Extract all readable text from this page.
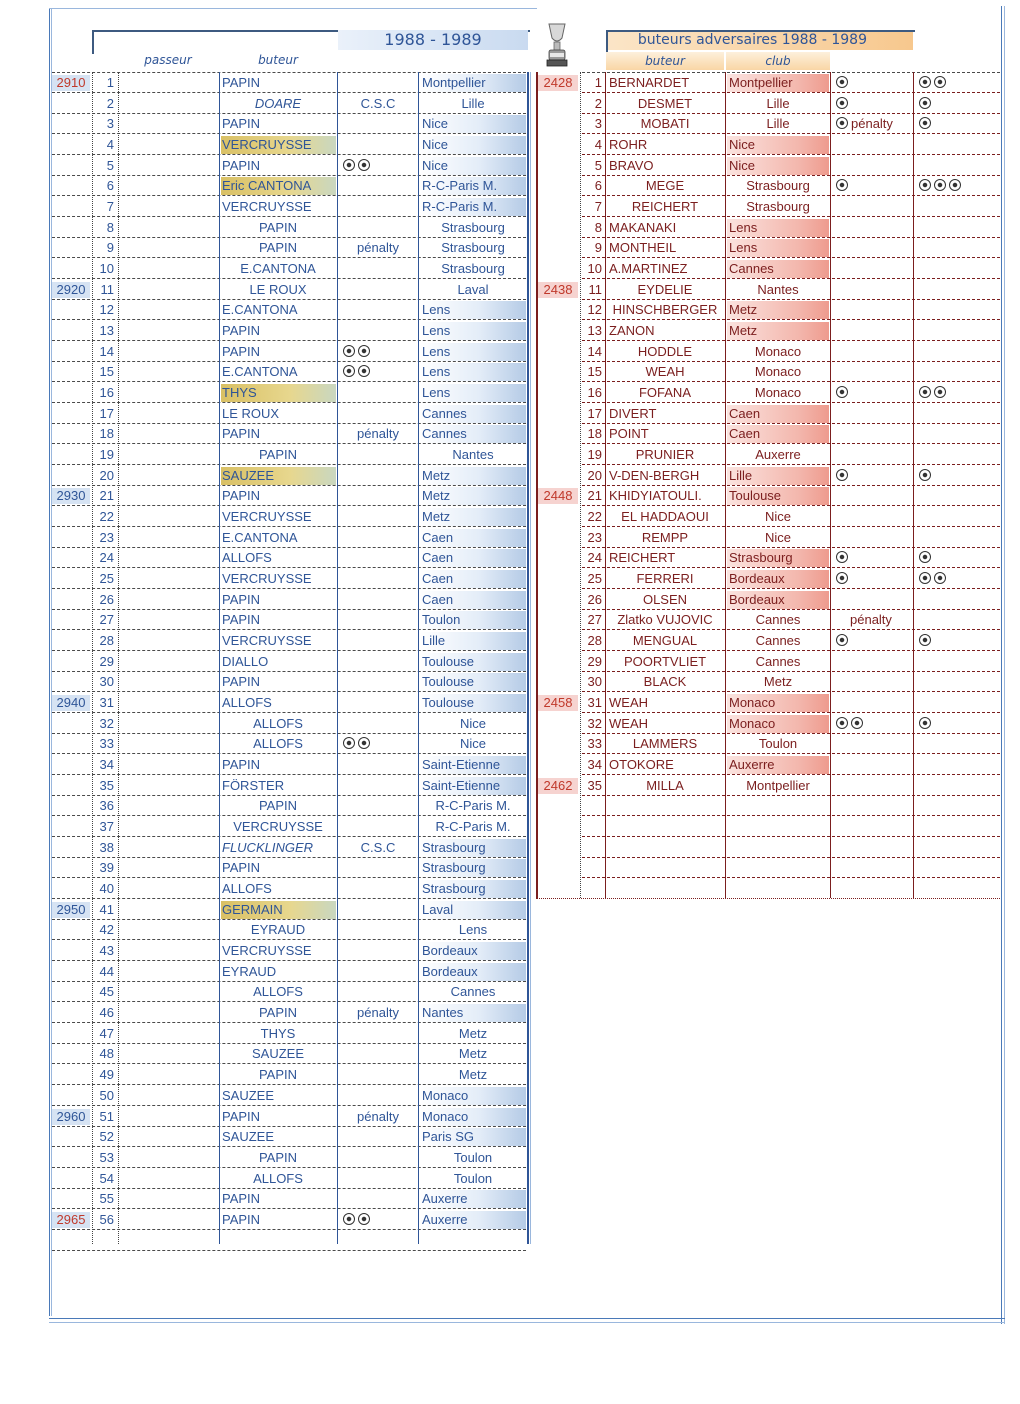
1988 - 1989
passeur	buteur
buteurs adversaires 1988 - 1989
buteur	club
2910	1	PAPIN	Montpellier
2	DOARE	C.S.C	Lille
3	PAPIN	Nice
4	VERCRUYSSE	Nice
5	PAPIN	Nice
6	Eric CANTONA	R-C-Paris M.
7	VERCRUYSSE	R-C-Paris M.
8	PAPIN	Strasbourg
9	PAPIN	pénalty	Strasbourg
10	E.CANTONA	Strasbourg
2920	11	LE ROUX	Laval
12	E.CANTONA	Lens
13	PAPIN	Lens
14	PAPIN	Lens
15	E.CANTONA	Lens
16	THYS	Lens
17	LE ROUX	Cannes
18	PAPIN	pénalty	Cannes
19	PAPIN	Nantes
20	SAUZEE	Metz
2930	21	PAPIN	Metz
22	VERCRUYSSE	Metz
23	E.CANTONA	Caen
24	ALLOFS	Caen
25	VERCRUYSSE	Caen
26	PAPIN	Caen
27	PAPIN	Toulon
28	VERCRUYSSE	Lille
29	DIALLO	Toulouse
30	PAPIN	Toulouse
2940	31	ALLOFS	Toulouse
32	ALLOFS	Nice
33	ALLOFS	Nice
34	PAPIN	Saint-Etienne
35	FÖRSTER	Saint-Etienne
36	PAPIN	R-C-Paris M.
37	VERCRUYSSE	R-C-Paris M.
38	FLUCKLINGER	C.S.C	Strasbourg
39	PAPIN	Strasbourg
40	ALLOFS	Strasbourg
2950	41	GERMAIN	Laval
42	EYRAUD	Lens
43	VERCRUYSSE	Bordeaux
44	EYRAUD	Bordeaux
45	ALLOFS	Cannes
46	PAPIN	pénalty	Nantes
47	THYS	Metz
48	SAUZEE	Metz
49	PAPIN	Metz
50	SAUZEE	Monaco
2960	51	PAPIN	pénalty	Monaco
52	SAUZEE	Paris SG
53	PAPIN	Toulon
54	ALLOFS	Toulon
55	PAPIN	Auxerre
2965	56	PAPIN	Auxerre
2428	1 BERNARDET	Montpellier
2	DESMET	Lille
3	MOBATI	Lille	pénalty
4 ROHR	Nice
5 BRAVO	Nice
6	MEGE	Strasbourg
7	REICHERT	Strasbourg
8 MAKANAKI	Lens
9 MONTHEIL	Lens
10 A.MARTINEZ	Cannes
2438	11	EYDELIE	Nantes
12 HINSCHBERGER Metz
13 ZANON	Metz
14	HODDLE	Monaco
15	WEAH	Monaco
16	FOFANA	Monaco
17 DIVERT	Caen
18 POINT	Caen
19	PRUNIER	Auxerre
20 V-DEN-BERGH	Lille
2448	21 KHIDYIATOULI.	Toulouse
22	EL HADDAOUI	Nice
23	REMPP	Nice
24 REICHERT	Strasbourg
25	FERRERI	Bordeaux
26	OLSEN	Bordeaux
27	Zlatko VUJOVIC	Cannes	pénalty
28	MENGUAL	Cannes
29	POORTVLIET	Cannes
30	BLACK	Metz
2458	31 WEAH	Monaco
32 WEAH	Monaco
33	LAMMERS	Toulon
34 OTOKORE	Auxerre
2462	35	MILLA	Montpellier
